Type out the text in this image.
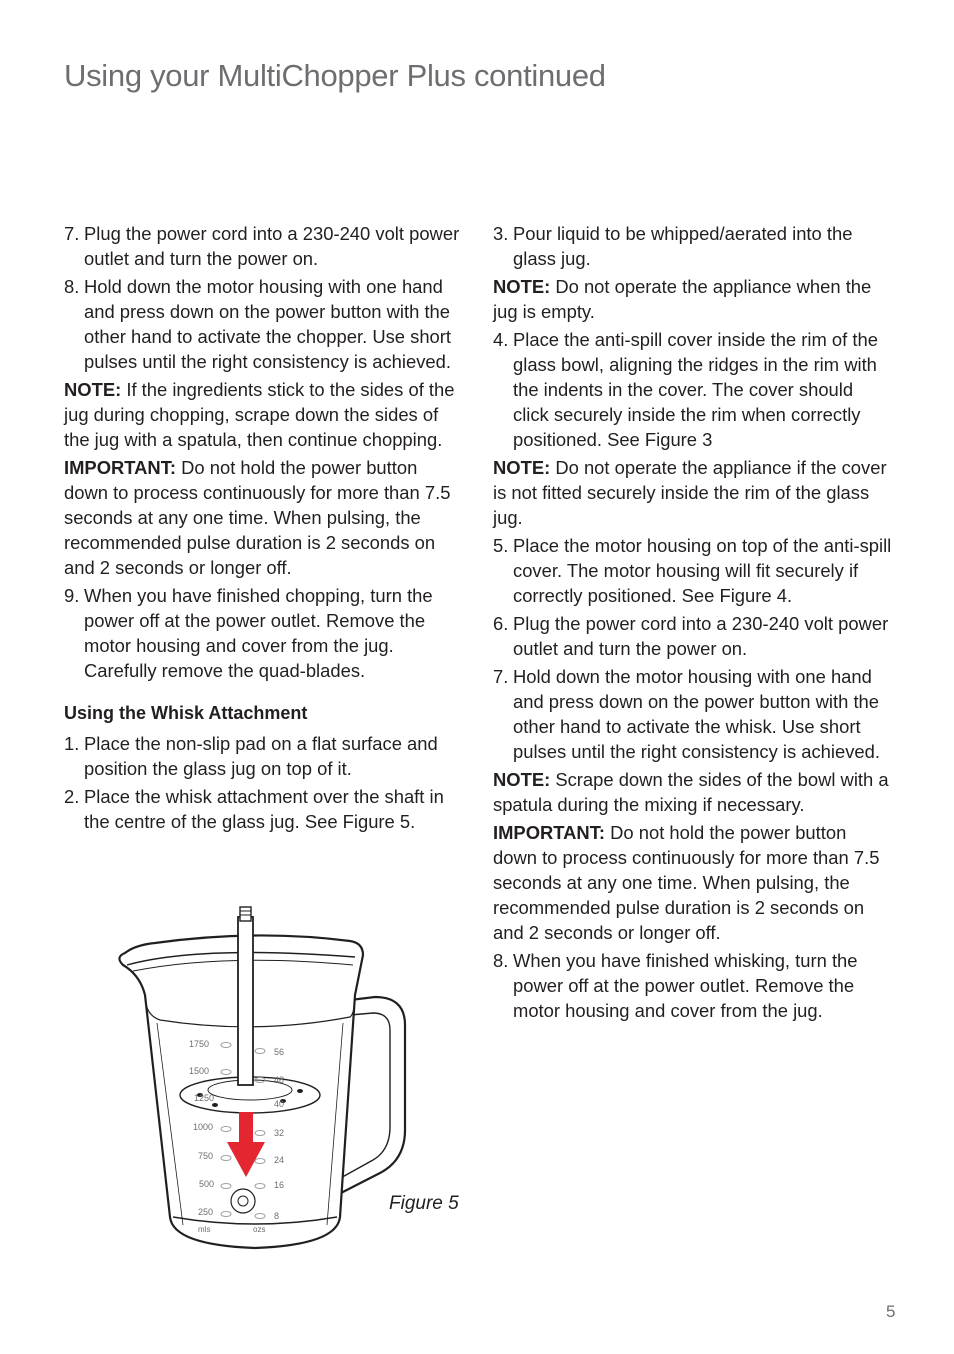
Using your MultiChopper Plus continued
7. Plug the power cord into a 230-240 volt power outlet and turn the power on.
8. Hold down the motor housing with one hand and press down on the power button with the other hand to activate the chopper. Use short pulses until the right consistency is achieved.
NOTE: If the ingredients stick to the sides of the jug during chopping, scrape down the sides of the jug with a spatula, then continue chopping.
IMPORTANT: Do not hold the power button down to process continuously for more than 7.5 seconds at any one time. When pulsing, the recommended pulse duration is 2 seconds on and 2 seconds or longer off.
9. When you have finished chopping, turn the power off at the power outlet. Remove the motor housing and cover from the jug. Carefully remove the quad-blades.
Using the Whisk Attachment
1. Place the non-slip pad on a flat surface and position the glass jug on top of it.
2. Place the whisk attachment over the shaft in the centre of the glass jug. See Figure 5.
3. Pour liquid to be whipped/aerated into the glass jug.
NOTE: Do not operate the appliance when the jug is empty.
4. Place the anti-spill cover inside the rim of the glass bowl, aligning the ridges in the rim with the indents in the cover. The cover should click securely inside the rim when correctly positioned. See Figure 3
NOTE: Do not operate the appliance if the cover is not fitted securely inside the rim of the glass jug.
5. Place the motor housing on top of the anti-spill cover. The motor housing will fit securely if correctly positioned. See Figure 4.
6. Plug the power cord into a 230-240 volt power outlet and turn the power on.
7. Hold down the motor housing with one hand and press down on the power button with the other hand to activate the whisk. Use short pulses until the right consistency is achieved.
NOTE: Scrape down the sides of the bowl with a spatula during the mixing if necessary.
IMPORTANT: Do not hold the power button down to process continuously for more than 7.5 seconds at any one time. When pulsing, the recommended pulse duration is 2 seconds on and 2 seconds or longer off.
8. When you have finished whisking, turn the power off at the power outlet. Remove the motor housing and cover from the jug.
1750
1500
1250
1000
750
500
250
56
48
40
32
24
16
8
mls	ozs
Figure 5
5
